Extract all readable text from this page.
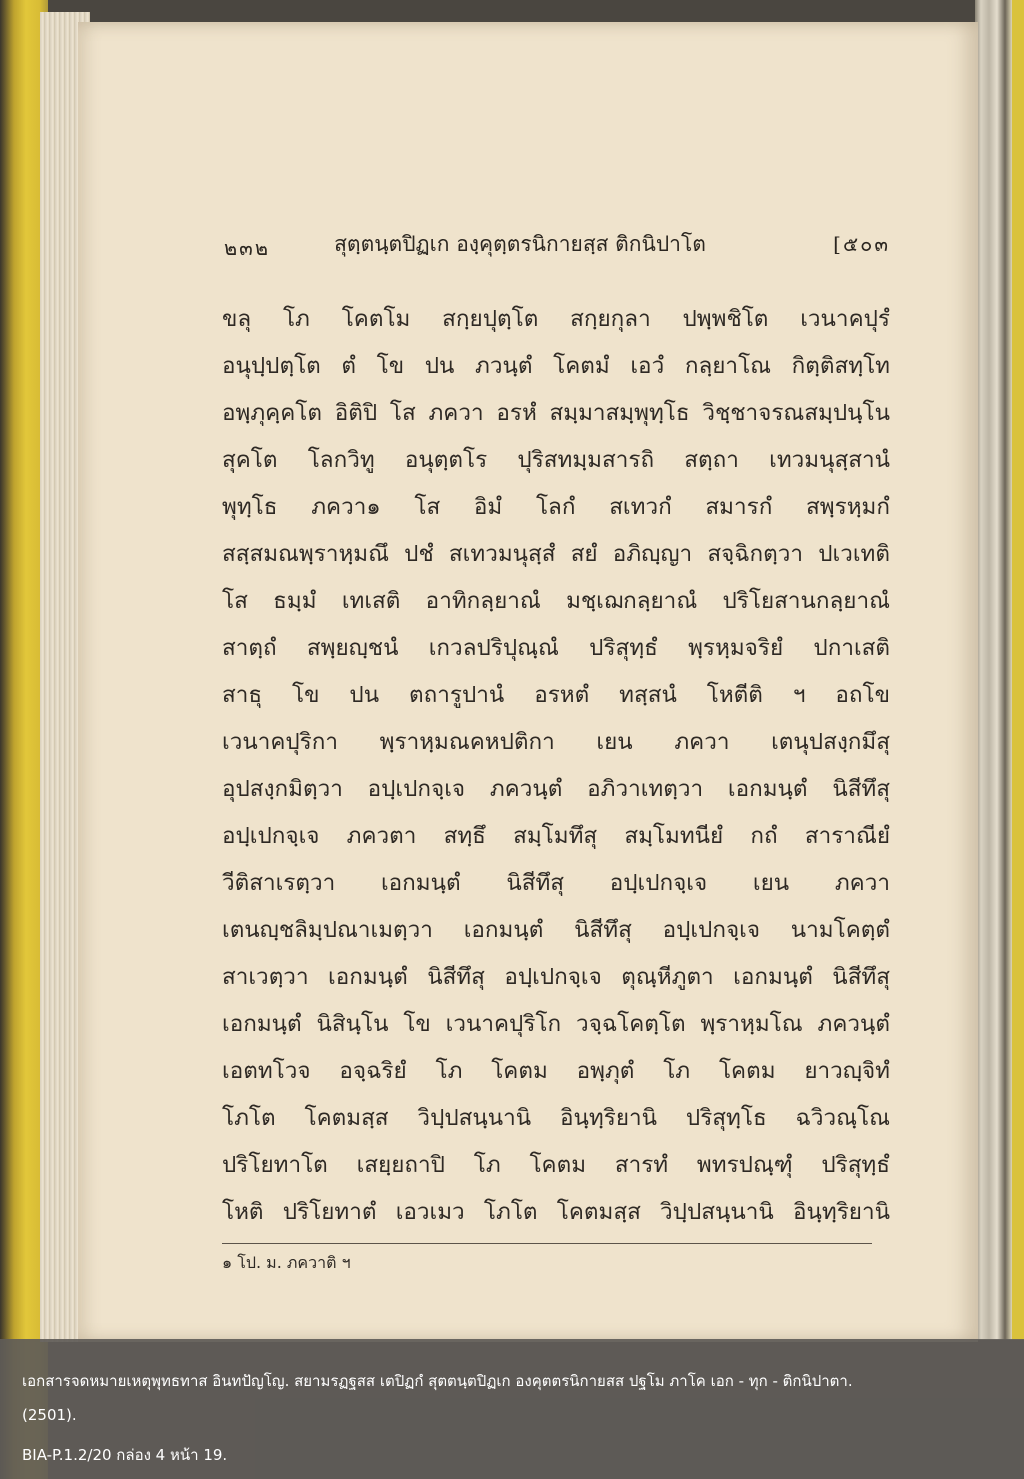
๒๓๒	สุตฺตนฺตปิฏเก องฺคุตฺตรนิกายสฺส ติกนิปาโต	[๕๐๓
ขลุ โภ โคตโม สกฺยปุตฺโต สกฺยกุลา ปพฺพชิโต เวนาคปุรํ
อนุปฺปตฺโต ตํ โข ปน ภวนฺตํ โคตมํ เอวํ กลฺยาโณ กิตฺติสทฺโท
อพฺภุคฺคโต อิติปิ โส ภควา อรหํ สมฺมาสมฺพุทฺโธ วิชฺชาจรณสมฺปนฺโน
สุคโต โลกวิทู อนุตฺตโร ปุริสทมฺมสารถิ สตฺถา เทวมนุสฺสานํ
พุทฺโธ ภควา๑ โส อิมํ โลกํ สเทวกํ สมารกํ สพฺรหฺมกํ
สสฺสมณพฺราหฺมณึ ปชํ สเทวมนุสฺสํ สยํ อภิญฺญา สจฺฉิกตฺวา ปเวเทติ
โส ธมฺมํ เทเสติ อาทิกลฺยาณํ มชฺเฌกลฺยาณํ ปริโยสานกลฺยาณํ
สาตฺถํ สพฺยญฺชนํ เกวลปริปุณฺณํ ปริสุทฺธํ พฺรหฺมจริยํ ปกาเสติ
สาธุ โข ปน ตถารูปานํ อรหตํ ทสฺสนํ โหตีติ ฯ อถโข
เวนาคปุริกา พฺราหฺมณคหปติกา เยน ภควา เตนุปสงฺกมึสุ
อุปสงฺกมิตฺวา อปฺเปกจฺเจ ภควนฺตํ อภิวาเทตฺวา เอกมนฺตํ นิสีทึสุ
อปฺเปกจฺเจ ภควตา สทฺธึ สมฺโมทึสุ สมฺโมทนียํ กถํ สาราณียํ
วีติสาเรตฺวา เอกมนฺตํ นิสีทึสุ อปฺเปกจฺเจ เยน ภควา
เตนญฺชลิมฺปณาเมตฺวา เอกมนฺตํ นิสีทึสุ อปฺเปกจฺเจ นามโคตฺตํ
สาเวตฺวา เอกมนฺตํ นิสีทึสุ อปฺเปกจฺเจ ตุณฺหีภูตา เอกมนฺตํ นิสีทึสุ
เอกมนฺตํ นิสินฺโน โข เวนาคปุริโก วจฺฉโคตฺโต พฺราหฺมโณ ภควนฺตํ
เอตทโวจ อจฺฉริยํ โภ โคตม อพฺภุตํ โภ โคตม ยาวญฺจิทํ
โภโต โคตมสฺส วิปฺปสนฺนานิ อินฺทฺริยานิ ปริสุทฺโธ ฉวิวณฺโณ
ปริโยทาโต เสยฺยถาปิ โภ โคตม สารทํ พทรปณฺฑุํ ปริสุทฺธํ
โหติ ปริโยทาตํ เอวเมว โภโต โคตมสฺส วิปฺปสนฺนานิ อินฺทฺริยานิ
๑ โป. ม. ภควาติ ฯ
เอกสารจดหมายเหตุพุทธทาส อินทปัญโญ. สยามรฏฐสส เตปิฏกํ สุตตนฺตปิฏเก องคุตตรนิกายสส ปฐโม ภาโค เอก - ทุก - ติกนิปาตา.
(2501).
BIA-P.1.2/20 กล่อง 4 หน้า 19.
